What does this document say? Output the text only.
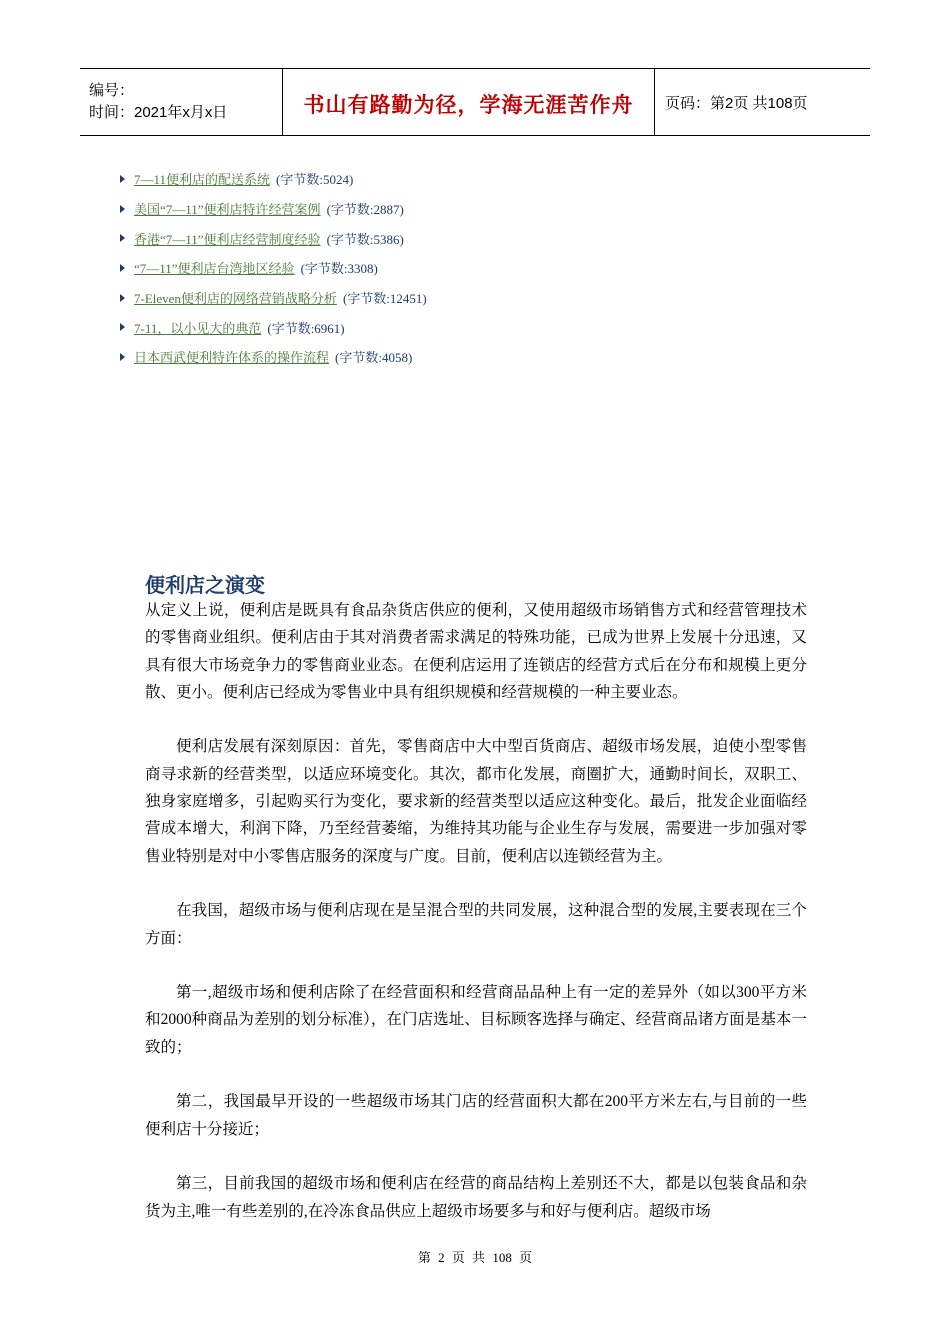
编号：
时间：2021年x月x日	书山有路勤为径，学海无涯苦作舟 页码：第2页 共108页
7—11便利店的配送系统 (字节数:5024)
美国“7—11”便利店特许经营案例 (字节数:2887)
香港“7—11”便利店经营制度经验 (字节数:5386)
“7—11”便利店台湾地区经验 (字节数:3308)
7-Eleven便利店的网络营销战略分析 (字节数:12451)
7-11，以小见大的典范 (字节数:6961)
日本西武便利特许体系的操作流程 (字节数:4058)
便利店之演变

从定义上说，便利店是既具有食品杂货店供应的便利，又使用超级市场销售方式和经营管理技术的零售商业组织。便利店由于其对消费者需求满足的特殊功能，已成为世界上发展十分迅速，又具有很大市场竞争力的零售商业业态。在便利店运用了连锁店的经营方式后在分布和规模上更分散、更小。便利店已经成为零售业中具有组织规模和经营规模的一种主要业态。

便利店发展有深刻原因：首先，零售商店中大中型百货商店、超级市场发展，迫使小型零售商寻求新的经营类型，以适应环境变化。其次，都市化发展，商圈扩大，通勤时间长，双职工、独身家庭增多，引起购买行为变化，要求新的经营类型以适应这种变化。最后，批发企业面临经营成本增大，利润下降，乃至经营萎缩，为维持其功能与企业生存与发展，需要进一步加强对零售业特别是对中小零售店服务的深度与广度。目前，便利店以连锁经营为主。

在我国，超级市场与便利店现在是呈混合型的共同发展，这种混合型的发展,主要表现在三个方面：

第一,超级市场和便利店除了在经营面积和经营商品品种上有一定的差异外（如以300平方米和2000种商品为差别的划分标准），在门店选址、目标顾客选择与确定、经营商品诸方面是基本一致的；

第二，我国最早开设的一些超级市场其门店的经营面积大都在200平方米左右,与目前的一些便利店十分接近；

第三，目前我国的超级市场和便利店在经营的商品结构上差别还不大，都是以包装食品和杂货为主,唯一有些差别的,在冷冻食品供应上超级市场要多与和好与便利店。超级市场

第 2 页 共 108 页
